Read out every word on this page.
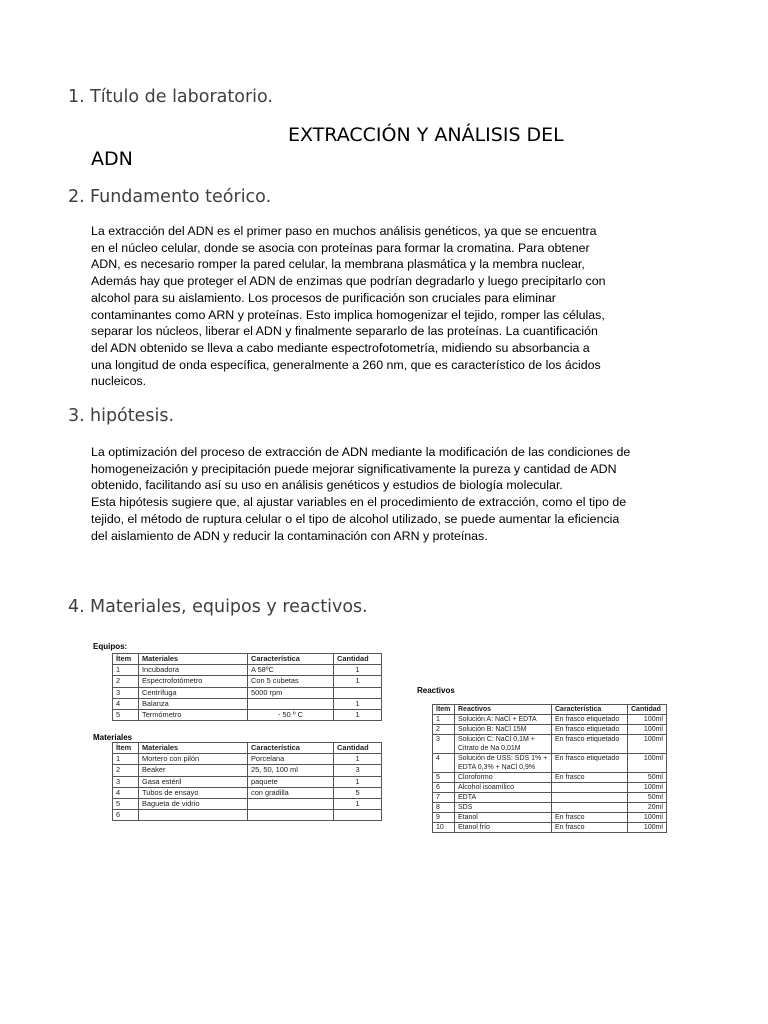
1. Título de laboratorio.
EXTRACCIÓN Y ANÁLISIS DEL
ADN
2. Fundamento teórico.
La extracción del ADN es el primer paso en muchos análisis genéticos, ya que se encuentra
en el núcleo celular, donde se asocia con proteínas para formar la cromatina. Para obtener
ADN, es necesario romper la pared celular, la membrana plasmática y la membra nuclear,
Además hay que proteger el ADN de enzimas que podrían degradarlo y luego precipitarlo con
alcohol para su aislamiento. Los procesos de purificación son cruciales para eliminar
contaminantes como ARN y proteínas. Esto implica homogenizar el tejido, romper las células,
separar los núcleos, liberar el ADN y finalmente separarlo de las proteínas. La cuantificación
del ADN obtenido se lleva a cabo mediante espectrofotometría, midiendo su absorbancia a
una longitud de onda específica, generalmente a 260 nm, que es característico de los ácidos
nucleicos.
3. hipótesis.
La optimización del proceso de extracción de ADN mediante la modificación de las condiciones de
homogeneización y precipitación puede mejorar significativamente la pureza y cantidad de ADN
obtenido, facilitando así su uso en análisis genéticos y estudios de biología molecular.
Esta hipótesis sugiere que, al ajustar variables en el procedimiento de extracción, como el tipo de
tejido, el método de ruptura celular o el tipo de alcohol utilizado, se puede aumentar la eficiencia
del aislamiento de ADN y reducir la contaminación con ARN y proteínas.
4. Materiales, equipos y reactivos.
Equipos:
Ítem	Materiales	Característica	Cantidad
1	Incubadora	A 58ºC	1
2	Espectrofotómetro	Con 5 cubetas	1
3	Centrífuga	5000 rpm	
4	Balanza		1
5	Termómetro	- 50 º C	1
Materiales
Ítem	Materiales	Característica	Cantidad
1	Mortero con pilón	Porcelana	1
2	Beaker	25, 50, 100 ml	3
3	Gasa estéril	paquete	1
4	Tubos de ensayo	con gradilla	5
5	Bagueta de vidrio		1
6			
Reactivos
Ítem	Reactivos	Característica	Cantidad
1	Solución A: NaCl + EDTA	En frasco etiquetado	100ml
2	Solución B: NaCl 15M	En frasco etiquetado	100ml
3	Solución C: NaCl 0,1M + Citrato de Na 0,01M	En frasco etiquetado	100ml
4	Solución de USS: SDS 1% + EDTA 0,3% + NaCl 0,9%	En frasco etiquetado	100ml
5	Cloroformo	En frasco	50ml
6	Alcohol isoamílico		100ml
7	EDTA		50ml
8	SDS		20ml
9	Etanol	En frasco	100ml
10	Etanol frío	En frasco	100ml
